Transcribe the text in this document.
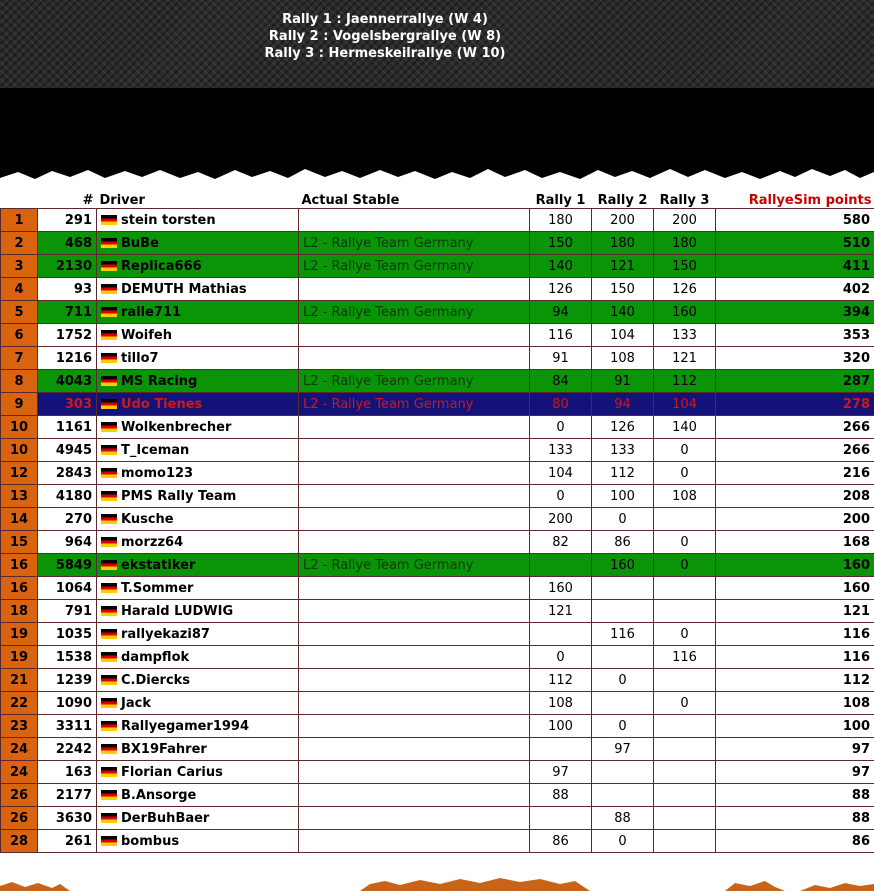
Rally 1 : Jaennerrallye (W 4)
Rally 2 : Vogelsbergrallye (W 8)
Rally 3 : Hermeskeilrallye (W 10)
	#	Driver	Actual Stable	Rally 1	Rally 2	Rally 3	RallyeSim points
1	291	stein torsten		180	200	200	580
2	468	BuBe	L2 - Rallye Team Germany	150	180	180	510
3	2130	Replica666	L2 - Rallye Team Germany	140	121	150	411
4	93	DEMUTH Mathias		126	150	126	402
5	711	ralle711	L2 - Rallye Team Germany	94	140	160	394
6	1752	Woifeh		116	104	133	353
7	1216	tillo7		91	108	121	320
8	4043	MS Racing	L2 - Rallye Team Germany	84	91	112	287
9	303	Udo Tienes	L2 - Rallye Team Germany	80	94	104	278
10	1161	Wolkenbrecher		0	126	140	266
10	4945	T_Iceman		133	133	0	266
12	2843	momo123		104	112	0	216
13	4180	PMS Rally Team		0	100	108	208
14	270	Kusche		200	0		200
15	964	morzz64		82	86	0	168
16	5849	ekstatiker	L2 - Rallye Team Germany		160	0	160
16	1064	T.Sommer		160			160
18	791	Harald LUDWIG		121			121
19	1035	rallyekazi87			116	0	116
19	1538	dampflok		0		116	116
21	1239	C.Diercks		112	0		112
22	1090	Jack		108		0	108
23	3311	Rallyegamer1994		100	0		100
24	2242	BX19Fahrer			97		97
24	163	Florian Carius		97			97
26	2177	B.Ansorge		88			88
26	3630	DerBuhBaer			88		88
28	261	bombus		86	0		86
